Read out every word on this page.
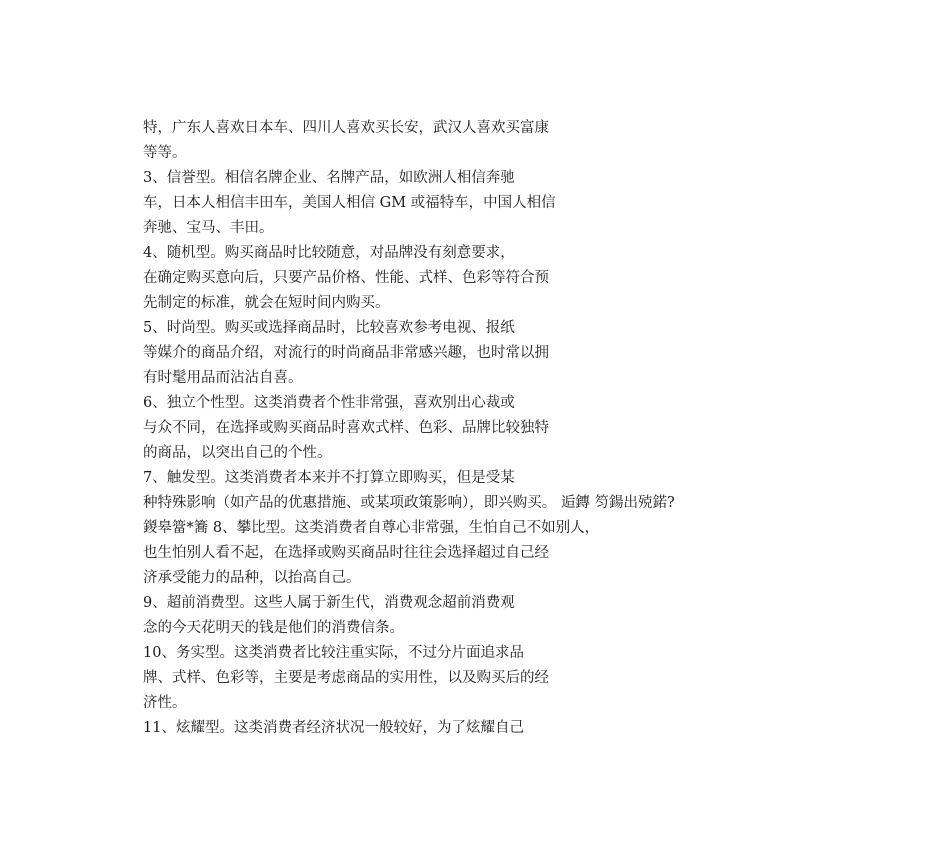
特，广东人喜欢日本车、四川人喜欢买长安，武汉人喜欢买富康
等等。
3、信誉型。相信名牌企业、名牌产品，如欧洲人相信奔驰
车，日本人相信丰田车，美国人相信 GM 或福特车，中国人相信
奔驰、宝马、丰田。
4、随机型。购买商品时比较随意，对品牌没有刻意要求，
在确定购买意向后，只要产品价格、性能、式样、色彩等符合预
先制定的标准，就会在短时间内购买。
5、时尚型。购买或选择商品时，比较喜欢参考电视、报纸
等媒介的商品介绍，对流行的时尚商品非常感兴趣，也时常以拥
有时髦用品而沾沾自喜。
6、独立个性型。这类消费者个性非常强，喜欢别出心裁或
与众不同，在选择或购买商品时喜欢式样、色彩、品牌比较独特
的商品，以突出自己的个性。
7、触发型。这类消费者本来并不打算立即购买，但是受某
种特殊影响（如产品的优惠措施、或某项政策影响），即兴购买。 逅鏄 笉鍚出殑鍩?
鍐皋簹*簥 8、攀比型。这类消费者自尊心非常强，生怕自己不如别人，
也生怕别人看不起，在选择或购买商品时往往会选择超过自己经
济承受能力的品种，以抬高自己。
9、超前消费型。这些人属于新生代，消费观念超前消费观
念的今天花明天的钱是他们的消费信条。
10、务实型。这类消费者比较注重实际，不过分片面追求品
牌、式样、色彩等，主要是考虑商品的实用性，以及购买后的经
济性。
11、炫耀型。这类消费者经济状况一般较好，为了炫耀自己
